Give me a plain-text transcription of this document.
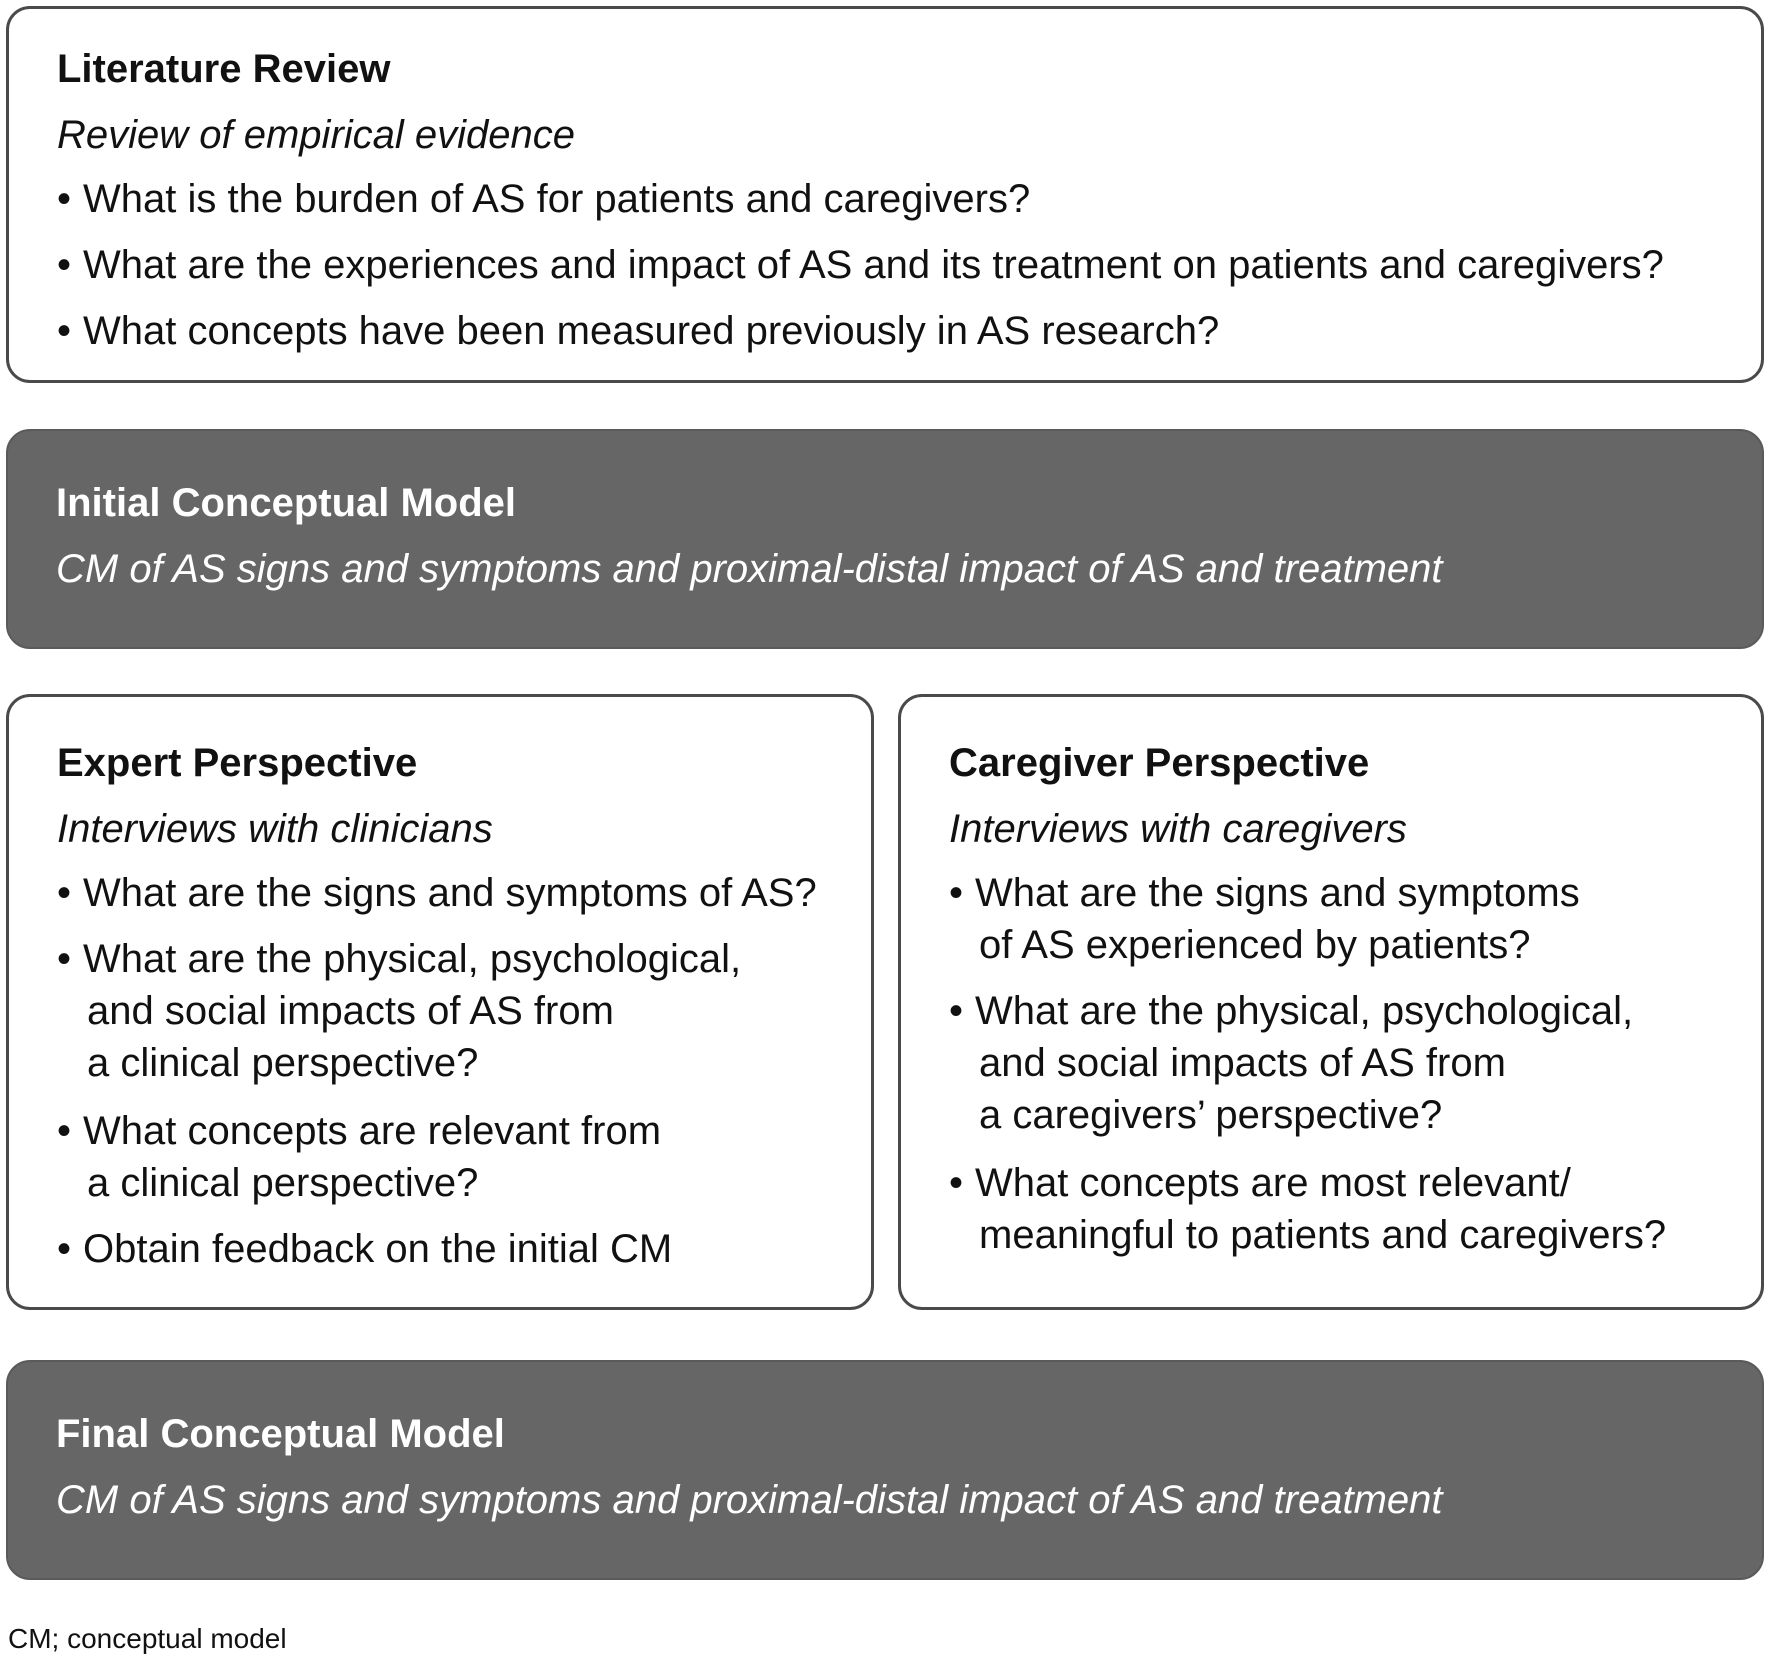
Literature Review
Review of empirical evidence
• What is the burden of AS for patients and caregivers?
• What are the experiences and impact of AS and its treatment on patients and caregivers?
• What concepts have been measured previously in AS research?
Initial Conceptual Model
CM of AS signs and symptoms and proximal-distal impact of AS and treatment
Expert Perspective
Interviews with clinicians
• What are the signs and symptoms of AS?
• What are the physical, psychological,
and social impacts of AS from
a clinical perspective?
• What concepts are relevant from
a clinical perspective?
• Obtain feedback on the initial CM
Caregiver Perspective
Interviews with caregivers
• What are the signs and symptoms
of AS experienced by patients?
• What are the physical, psychological,
and social impacts of AS from
a caregivers’ perspective?
• What concepts are most relevant/
meaningful to patients and caregivers?
Final Conceptual Model
CM of AS signs and symptoms and proximal-distal impact of AS and treatment
CM; conceptual model
